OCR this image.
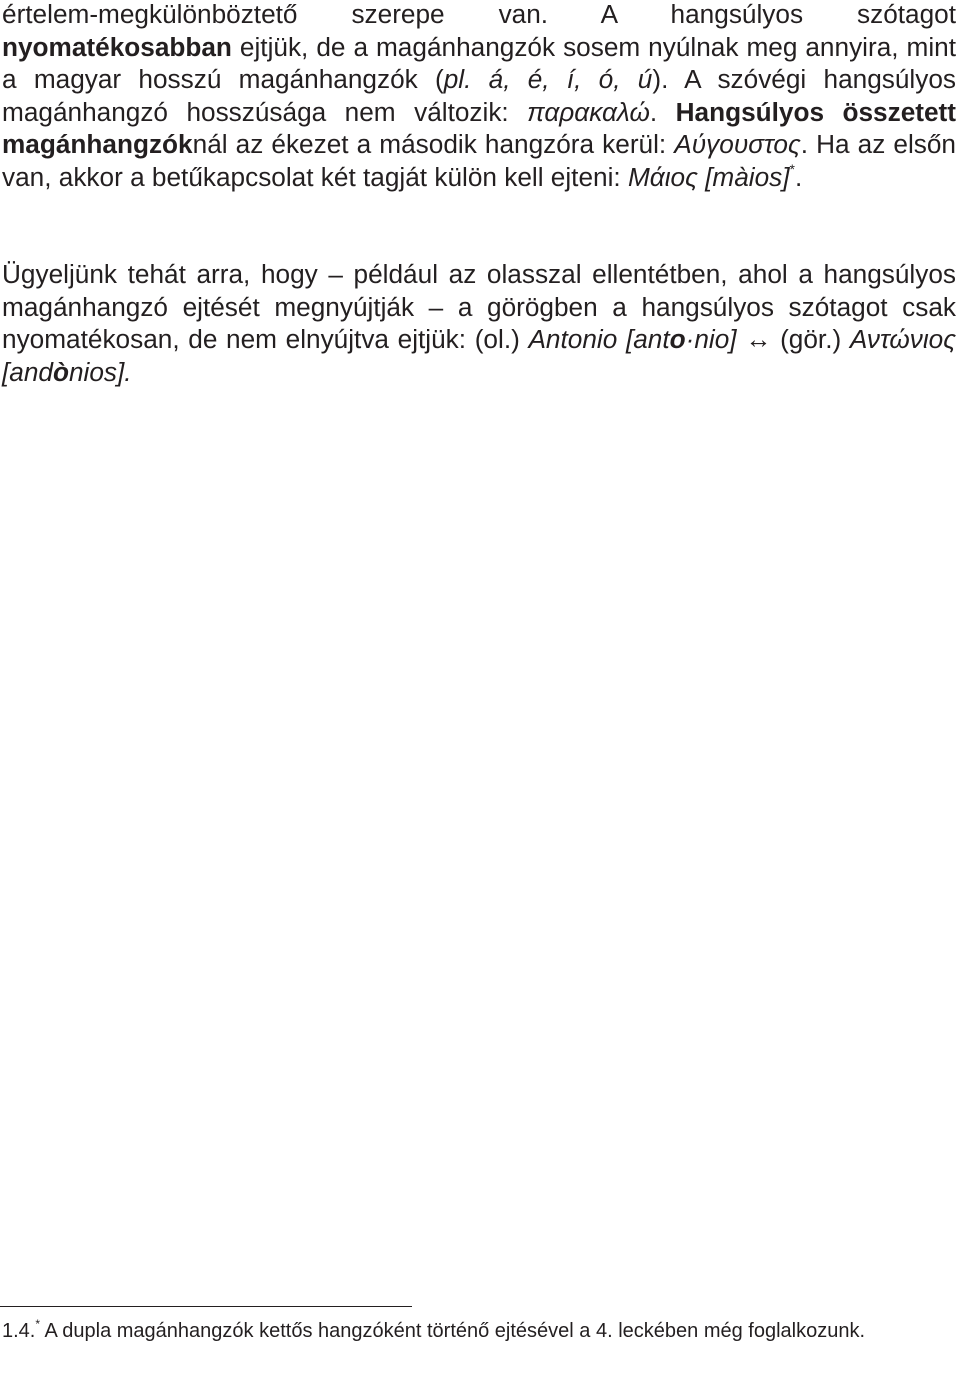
értelem-megkülönböztető szerepe van. A hangsúlyos szótagot nyomatékosabban ejtjük, de a magánhangzók sosem nyúlnak meg annyira, mint a magyar hosszú magánhangzók (pl. á, é, í, ó, ú). A szóvégi hangsúlyos magánhangzó hosszúsága nem változik: παρακαλώ. Hangsúlyos összetett magánhangzóknál az ékezet a második hangzóra kerül: Αύγουστος. Ha az elsőn van, akkor a betűkapcsolat két tagját külön kell ejteni: Μάιος [màios]*.

Ügyeljünk tehát arra, hogy – például az olasszal ellentétben, ahol a hangsúlyos magánhangzó ejtését megnyújtják – a görögben a hangsúlyos szótagot csak nyomatékosan, de nem elnyújtva ejtjük: (ol.) Antonio [anto·nio] ↔ (gör.) Αντώνιος [andònios].

1.4.* A dupla magánhangzók kettős hangzóként történő ejtésével a 4. leckében még foglalkozunk.
